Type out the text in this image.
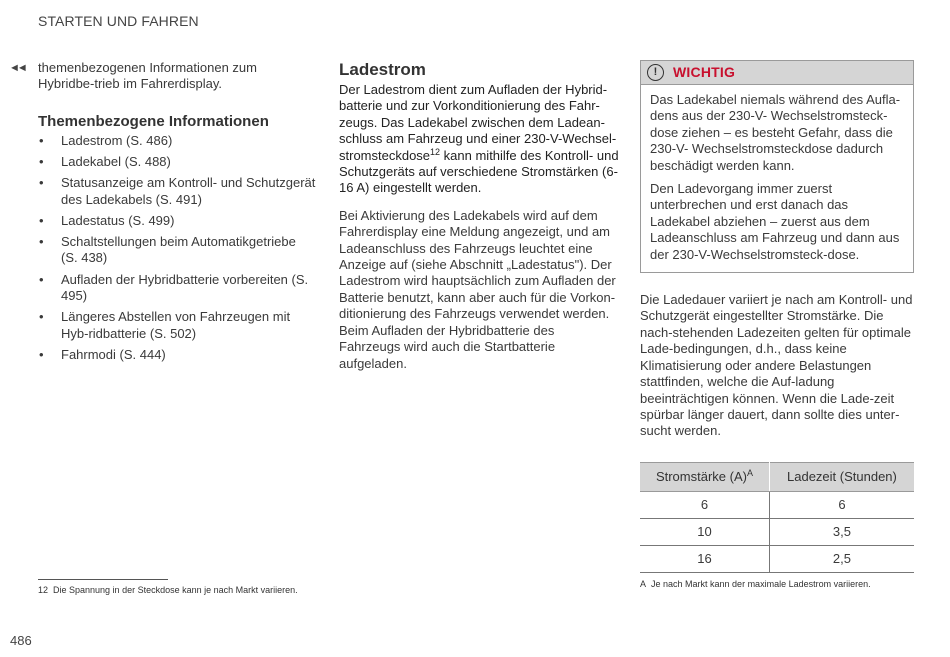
STARTEN UND FAHREN
◄◄ themenbezogenen Informationen zum Hybridbe-trieb im Fahrerdisplay.

Themenbezogene Informationen
• Ladestrom (S. 486)
• Ladekabel (S. 488)
• Statusanzeige am Kontroll- und Schutzgerät des Ladekabels (S. 491)
• Ladestatus (S. 499)
• Schaltstellungen beim Automatikgetriebe (S. 438)
• Aufladen der Hybridbatterie vorbereiten (S. 495)
• Längeres Abstellen von Fahrzeugen mit Hyb-ridbatterie (S. 502)
• Fahrmodi (S. 444)
Ladestrom

Der Ladestrom dient zum Aufladen der Hybrid-batterie und zur Vorkonditionierung des Fahr-zeugs. Das Ladekabel zwischen dem Ladean-schluss am Fahrzeug und einer 230-V-Wechsel-stromsteckdose$^{12}$ kann mithilfe des Kontroll- und Schutzgeräts auf verschiedene Stromstärken (6-16 A) eingestellt werden.

Bei Aktivierung des Ladekabels wird auf dem Fahrerdisplay eine Meldung angezeigt, und am Ladeanschluss des Fahrzeugs leuchtet eine Anzeige auf (siehe Abschnitt „Ladestatus"). Der Ladestrom wird hauptsächlich zum Aufladen der Batterie benutzt, kann aber auch für die Vorkon-ditionierung des Fahrzeugs verwendet werden. Beim Aufladen der Hybridbatterie des Fahrzeugs wird auch die Startbatterie aufgeladen.

!	WICHTIG

Das Ladekabel niemals während des Aufla-dens aus der 230-V- Wechselstromsteck-dose ziehen – es besteht Gefahr, dass die 230-V- Wechselstromsteckdose dadurch beschädigt werden kann.

Den Ladevorgang immer zuerst unterbrechen und erst danach das Ladekabel abziehen – zuerst aus dem Ladeanschluss am Fahrzeug und dann aus der 230-V-Wechselstromsteck-dose.

Die Ladedauer variiert je nach am Kontroll- und Schutzgerät eingestellter Stromstärke. Die nach-stehenden Ladezeiten gelten für optimale Lade-bedingungen, d.h., dass keine Klimatisierung oder andere Belastungen stattfinden, welche die Auf-ladung beeinträchtigen können. Wenn die Lade-zeit spürbar länger dauert, dann sollte dies unter-sucht werden.

Stromstärke $(A)^A$	Ladezeit (Stunden)
6	6
10	3,5
16	2,5
A Je nach Markt kann der maximale Ladestrom variieren.
12 Die Spannung in der Steckdose kann je nach Markt variieren.
486
